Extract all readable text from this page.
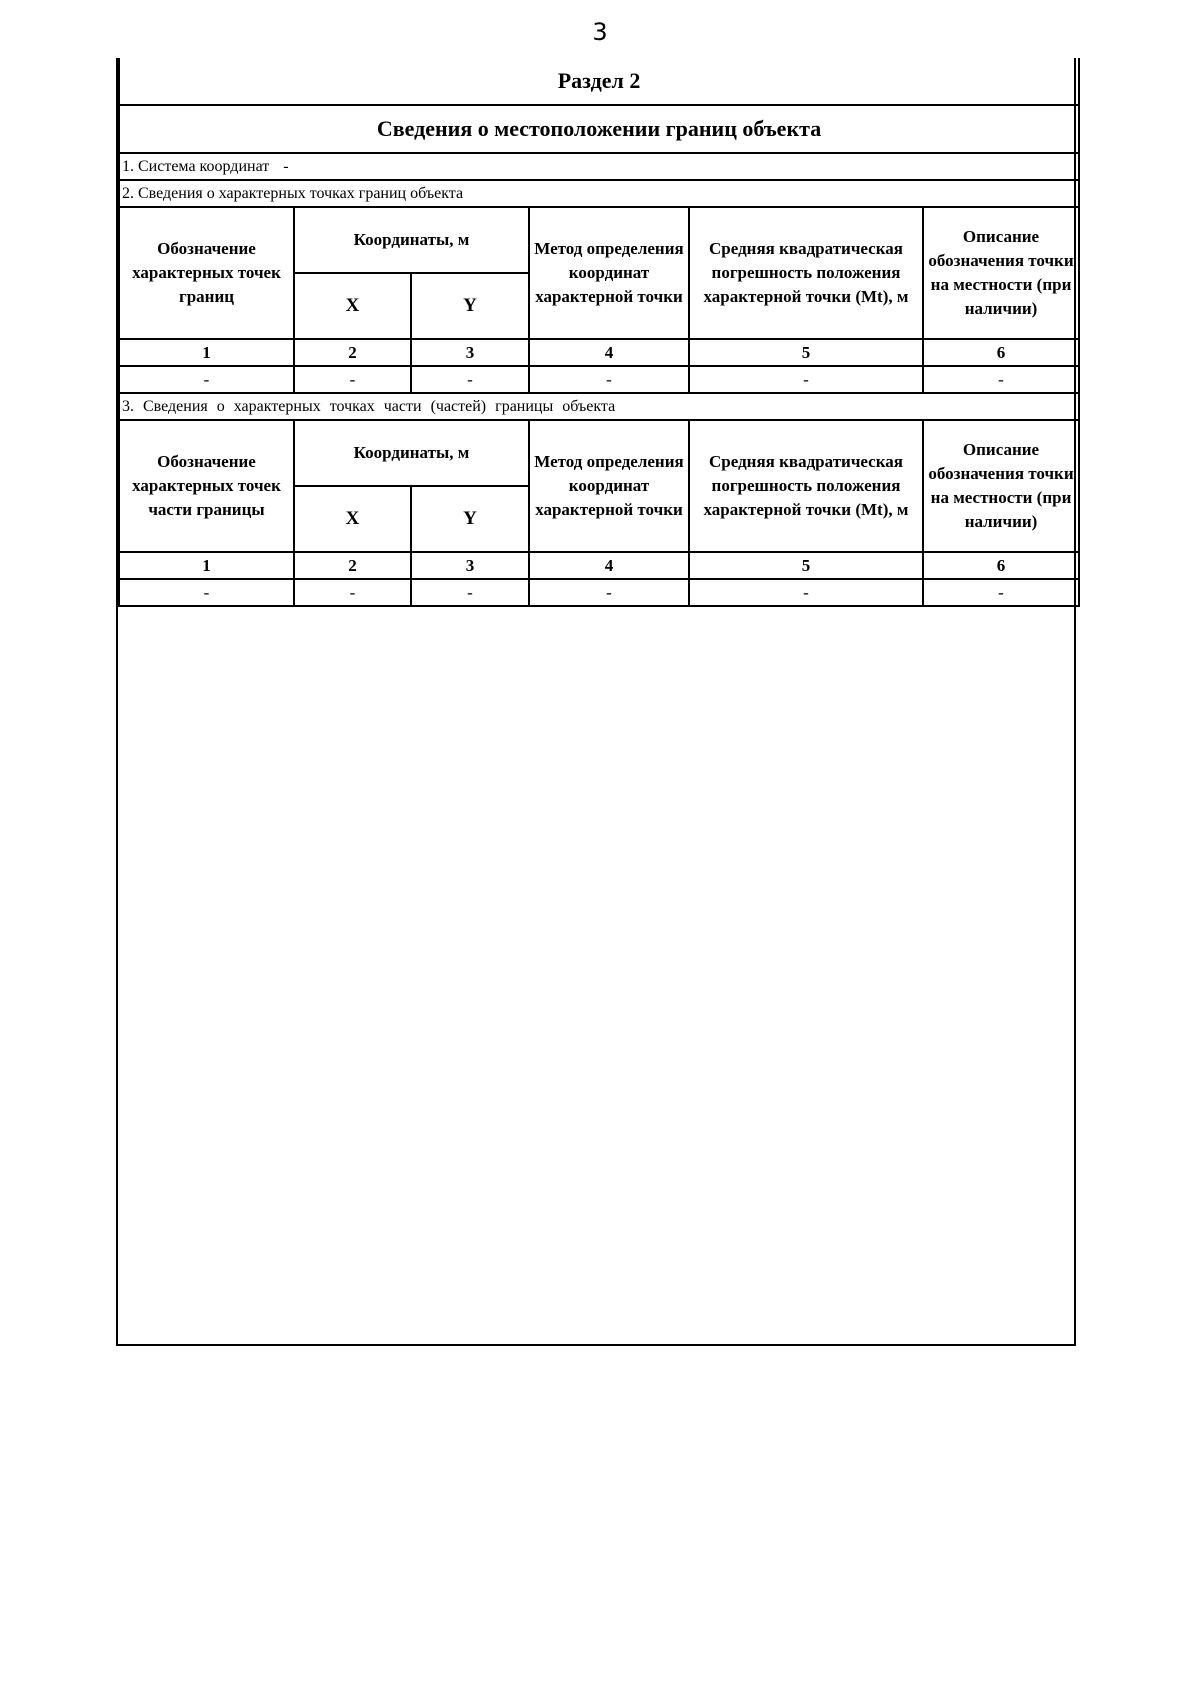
3
Раздел 2					
Сведения о местоположении границ объекта					
1. Система координат -					
2. Сведения о характерных точках границ объекта					
Обозначение характерных точек границ	Координаты, м		Метод определения координат характерной точки	Средняя квадратическая погрешность положения характерной точки (Mt), м	Описание обозначения точки на местности (при наличии)
	X	Y			
1	2	3	4	5	6
-	-	-	-	-	-
3. Сведения о характерных точках части (частей) границы объекта					
Обозначение характерных точек части границы	Координаты, м		Метод определения координат характерной точки	Средняя квадратическая погрешность положения характерной точки (Mt), м	Описание обозначения точки на местности (при наличии)
	X	Y			
1	2	3	4	5	6
-	-	-	-	-	-
